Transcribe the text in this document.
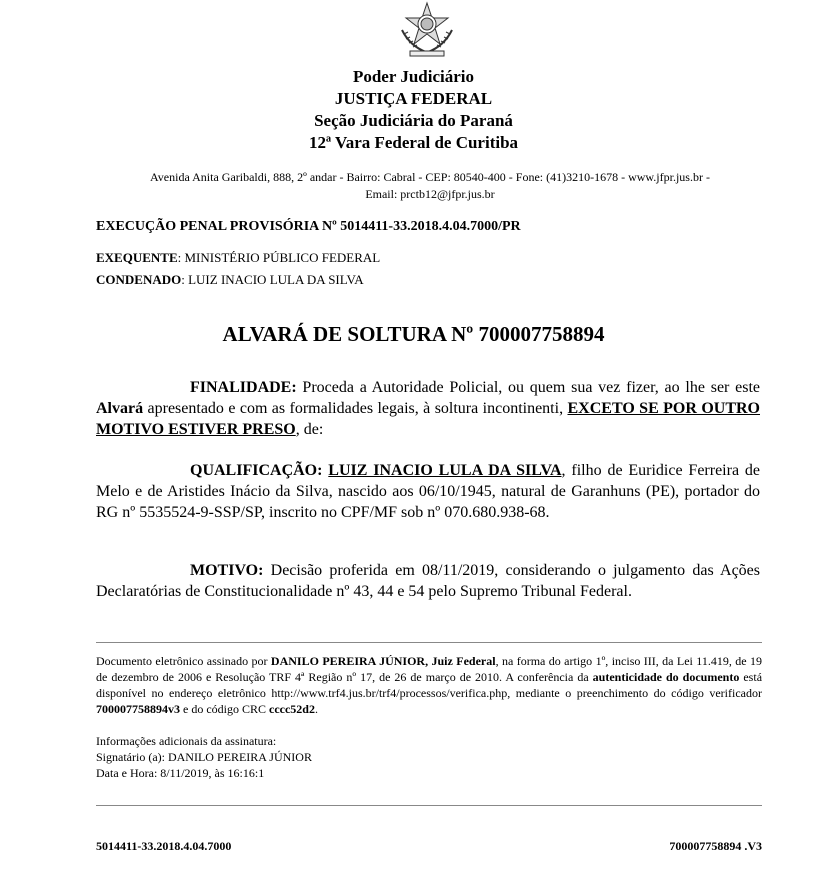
Poder Judiciário
JUSTIÇA FEDERAL
Seção Judiciária do Paraná
12ª Vara Federal de Curitiba
Avenida Anita Garibaldi, 888, 2º andar - Bairro: Cabral - CEP: 80540-400 - Fone: (41)3210-1678 - www.jfpr.jus.br -
Email: prctb12@jfpr.jus.br
EXECUÇÃO PENAL PROVISÓRIA Nº 5014411-33.2018.4.04.7000/PR
EXEQUENTE: MINISTÉRIO PÚBLICO FEDERAL
CONDENADO: LUIZ INACIO LULA DA SILVA
ALVARÁ DE SOLTURA Nº 700007758894
FINALIDADE: Proceda a Autoridade Policial, ou quem sua vez fizer, ao lhe ser este Alvará apresentado e com as formalidades legais, à soltura incontinenti, EXCETO SE POR OUTRO MOTIVO ESTIVER PRESO, de:
QUALIFICAÇÃO: LUIZ INACIO LULA DA SILVA, filho de Euridice Ferreira de Melo e de Aristides Inácio da Silva, nascido aos 06/10/1945, natural de Garanhuns (PE), portador do RG nº 5535524-9-SSP/SP, inscrito no CPF/MF sob nº 070.680.938-68.
MOTIVO: Decisão proferida em 08/11/2019, considerando o julgamento das Ações Declaratórias de Constitucionalidade nº 43, 44 e 54 pelo Supremo Tribunal Federal.
Documento eletrônico assinado por DANILO PEREIRA JÚNIOR, Juiz Federal, na forma do artigo 1º, inciso III, da Lei 11.419, de 19 de dezembro de 2006 e Resolução TRF 4ª Região nº 17, de 26 de março de 2010. A conferência da autenticidade do documento está disponível no endereço eletrônico http://www.trf4.jus.br/trf4/processos/verifica.php, mediante o preenchimento do código verificador 700007758894v3 e do código CRC cccc52d2.
Informações adicionais da assinatura:
Signatário (a): DANILO PEREIRA JÚNIOR
Data e Hora: 8/11/2019, às 16:16:1
5014411-33.2018.4.04.7000	700007758894 .V3
